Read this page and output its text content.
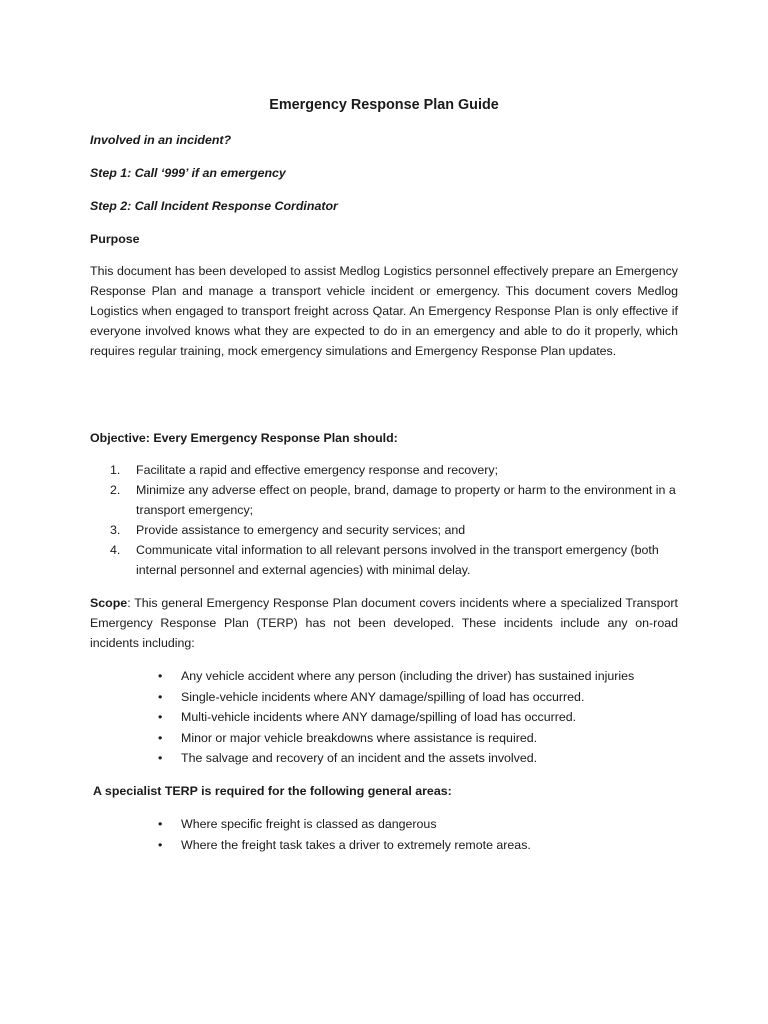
Emergency Response Plan Guide

Involved in an incident?

Step 1: Call ‘999’ if an emergency

Step 2: Call Incident Response Cordinator

Purpose

This document has been developed to assist Medlog Logistics personnel effectively prepare an Emergency Response Plan and manage a transport vehicle incident or emergency. This document covers Medlog Logistics when engaged to transport freight across Qatar. An Emergency Response Plan is only effective if everyone involved knows what they are expected to do in an emergency and able to do it properly, which requires regular training, mock emergency simulations and Emergency Response Plan updates.

Objective: Every Emergency Response Plan should:

1. Facilitate a rapid and effective emergency response and recovery;
2. Minimize any adverse effect on people, brand, damage to property or harm to the environment in a transport emergency;
3. Provide assistance to emergency and security services; and
4. Communicate vital information to all relevant persons involved in the transport emergency (both internal personnel and external agencies) with minimal delay.

Scope: This general Emergency Response Plan document covers incidents where a specialized Transport Emergency Response Plan (TERP) has not been developed. These incidents include any on-road incidents including:

• Any vehicle accident where any person (including the driver) has sustained injuries
• Single-vehicle incidents where ANY damage/spilling of load has occurred.
• Multi-vehicle incidents where ANY damage/spilling of load has occurred.
• Minor or major vehicle breakdowns where assistance is required.
• The salvage and recovery of an incident and the assets involved.

A specialist TERP is required for the following general areas:

• Where specific freight is classed as dangerous
• Where the freight task takes a driver to extremely remote areas.
